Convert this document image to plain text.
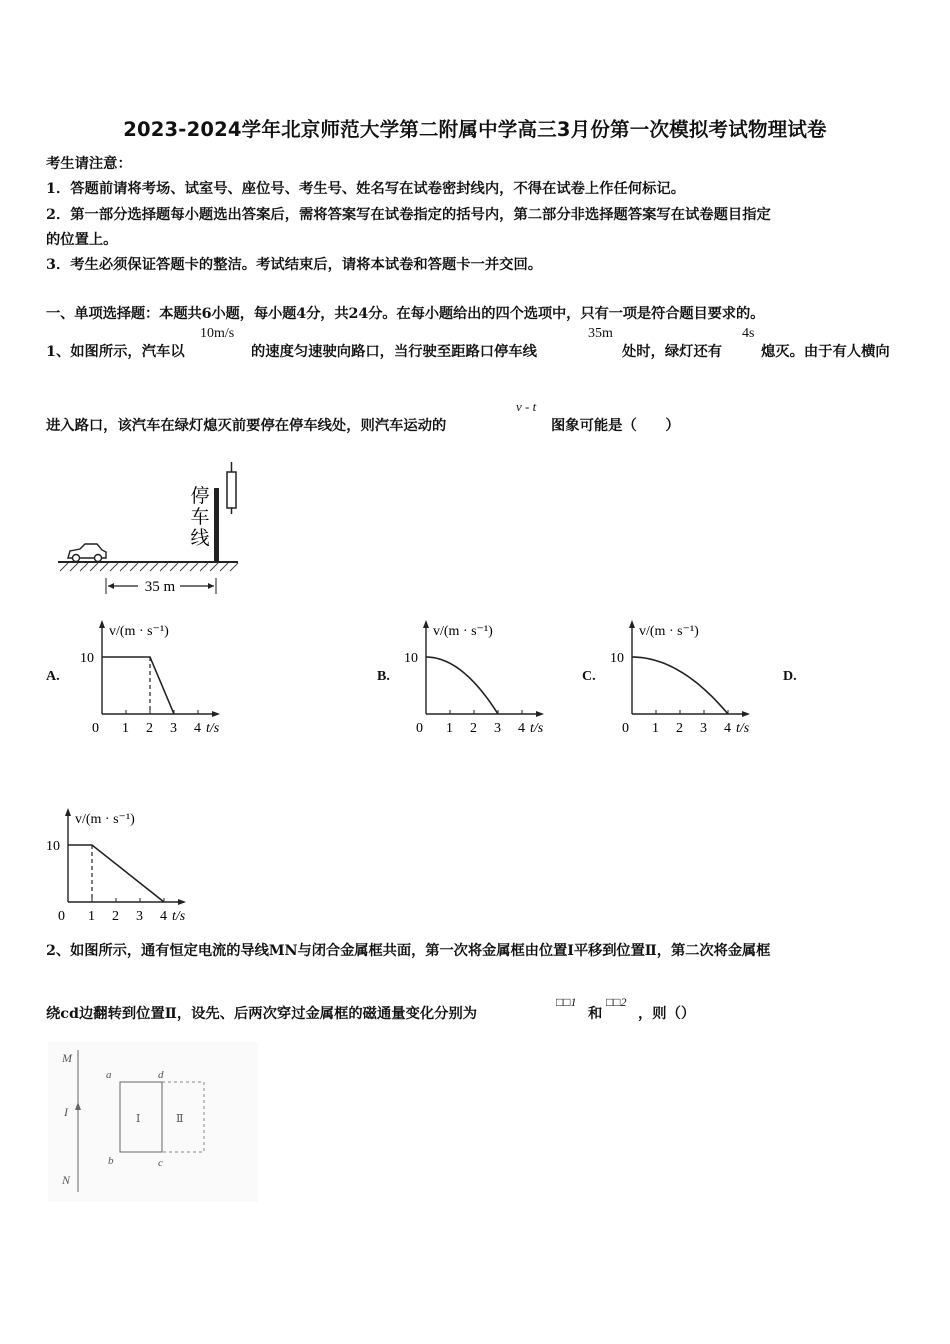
2023-2024学年北京师范大学第二附属中学高三3月份第一次模拟考试物理试卷
考生请注意：
1．答题前请将考场、试室号、座位号、考生号、姓名写在试卷密封线内，不得在试卷上作任何标记。
2．第一部分选择题每小题选出答案后，需将答案写在试卷指定的括号内，第二部分非选择题答案写在试卷题目指定
的位置上。
3．考生必须保证答题卡的整洁。考试结束后，请将本试卷和答题卡一并交回。
一、单项选择题：本题共6小题，每小题4分，共24分。在每小题给出的四个选项中，只有一项是符合题目要求的。
1、如图所示，汽车以
10m/s
的速度匀速驶向路口，当行驶至距路口停车线
35m
处时，绿灯还有
4s
熄灭。由于有人横向
进入路口，该汽车在绿灯熄灭前要停在停车线处，则汽车运动的
v - t
图象可能是（　　）
停车线
35 m
A.	B.	C.	D.
v/(m · s⁻¹)
10
0 1 2 3 4 t/s
v/(m · s⁻¹)
10
0 1 2 3 4 t/s
v/(m · s⁻¹)
10
0 1 2 3 4 t/s
v/(m · s⁻¹)
10
0 1 2 3 4 t/s
2、如图所示，通有恒定电流的导线MN与闭合金属框共面，第一次将金属框由位置Ⅰ平移到位置Ⅱ，第二次将金属框
绕cd边翻转到位置Ⅱ，设先、后两次穿过金属框的磁通量变化分别为
□□1
和
□□2
，则（）
M
I
N
a	d
b	c
Ⅰ	Ⅱ
